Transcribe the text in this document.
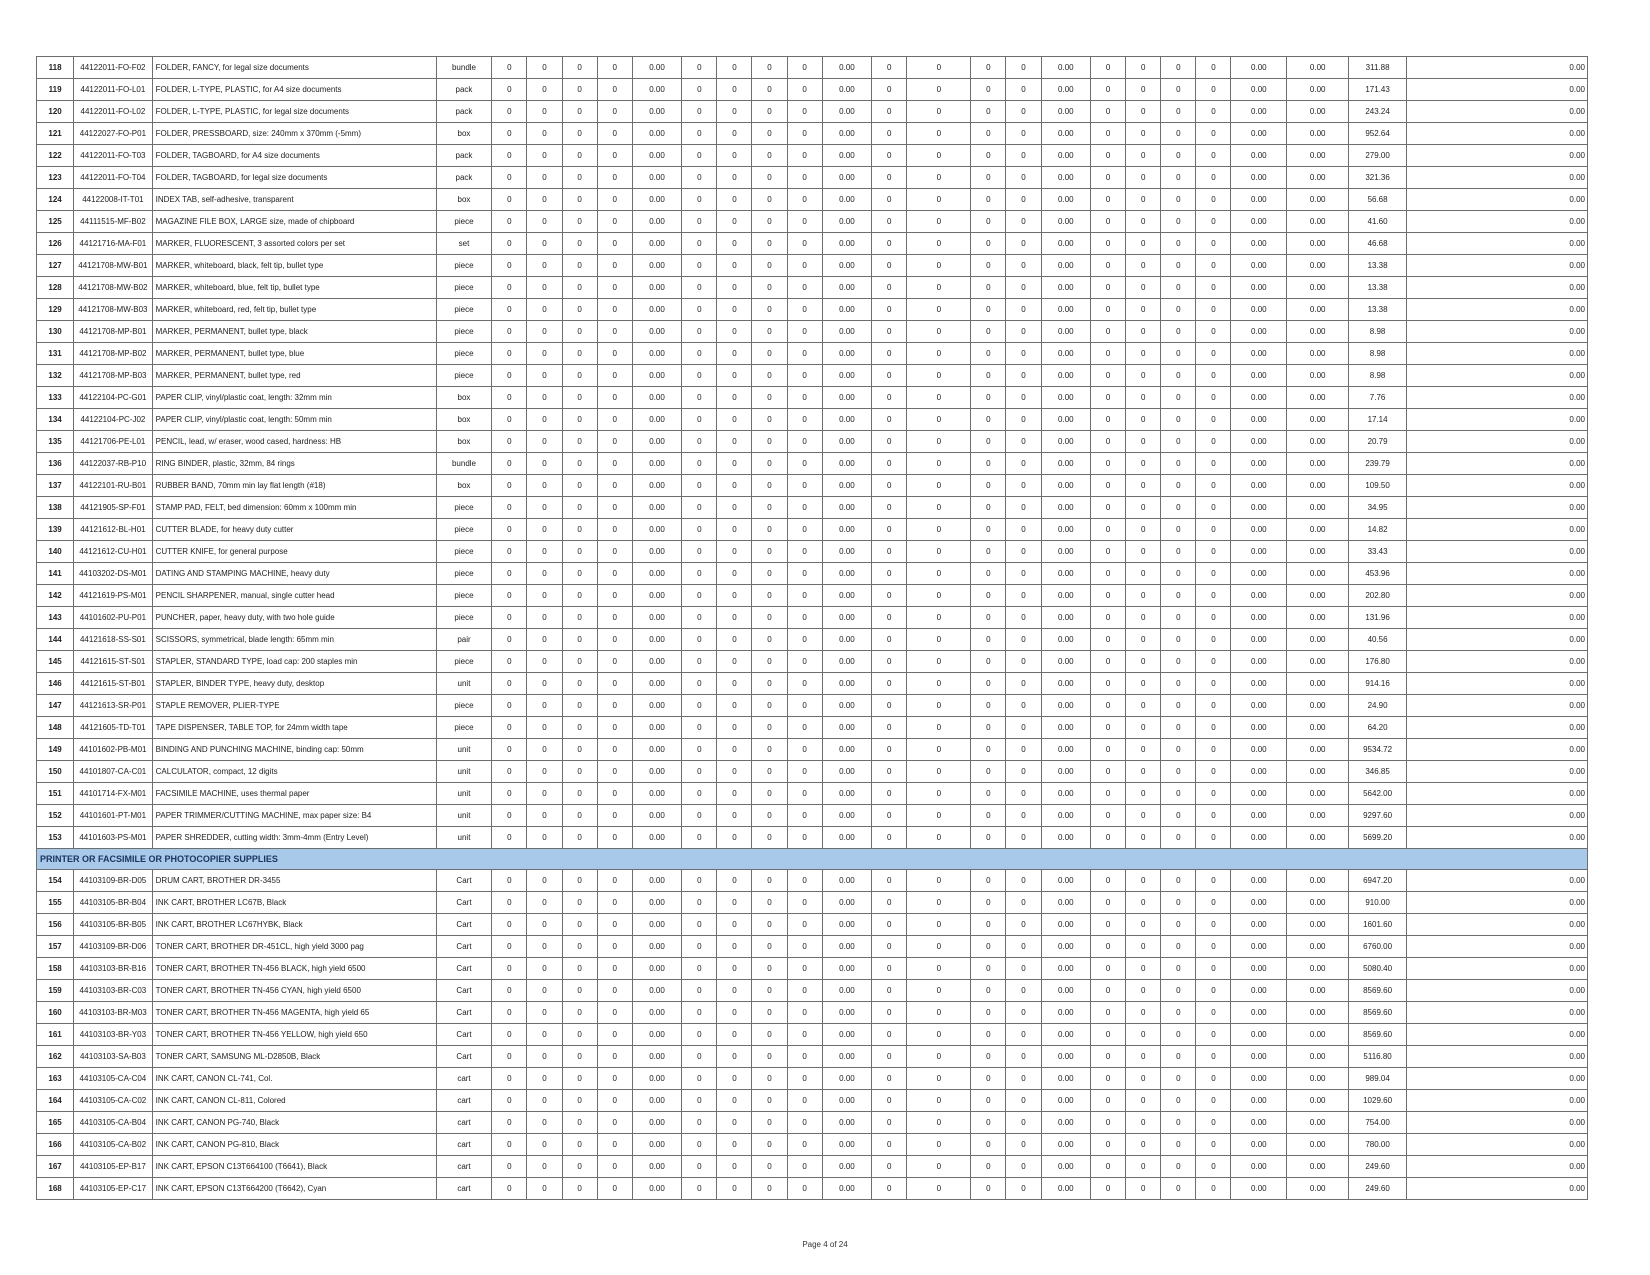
118	44122011-FO-F02	FOLDER, FANCY, for legal size documents	bundle	0	0	0	0	0.00	0	0	0	0	0.00	0	0	0	0	0.00	0	0	0	0	0.00	0.00	311.88	0.00
119	44122011-FO-L01	FOLDER, L-TYPE, PLASTIC, for A4 size documents	pack	0	0	0	0	0.00	0	0	0	0	0.00	0	0	0	0	0.00	0	0	0	0	0.00	0.00	171.43	0.00
120	44122011-FO-L02	FOLDER, L-TYPE, PLASTIC, for legal size documents	pack	0	0	0	0	0.00	0	0	0	0	0.00	0	0	0	0	0.00	0	0	0	0	0.00	0.00	243.24	0.00
121	44122027-FO-P01	FOLDER, PRESSBOARD, size: 240mm x 370mm (-5mm)	box	0	0	0	0	0.00	0	0	0	0	0.00	0	0	0	0	0.00	0	0	0	0	0.00	0.00	952.64	0.00
122	44122011-FO-T03	FOLDER, TAGBOARD, for A4 size documents	pack	0	0	0	0	0.00	0	0	0	0	0.00	0	0	0	0	0.00	0	0	0	0	0.00	0.00	279.00	0.00
123	44122011-FO-T04	FOLDER, TAGBOARD, for legal size documents	pack	0	0	0	0	0.00	0	0	0	0	0.00	0	0	0	0	0.00	0	0	0	0	0.00	0.00	321.36	0.00
124	44122008-IT-T01	INDEX TAB, self-adhesive, transparent	box	0	0	0	0	0.00	0	0	0	0	0.00	0	0	0	0	0.00	0	0	0	0	0.00	0.00	56.68	0.00
125	44111515-MF-B02	MAGAZINE FILE BOX, LARGE size, made of chipboard	piece	0	0	0	0	0.00	0	0	0	0	0.00	0	0	0	0	0.00	0	0	0	0	0.00	0.00	41.60	0.00
126	44121716-MA-F01	MARKER, FLUORESCENT, 3 assorted colors per set	set	0	0	0	0	0.00	0	0	0	0	0.00	0	0	0	0	0.00	0	0	0	0	0.00	0.00	46.68	0.00
127	44121708-MW-B01	MARKER, whiteboard, black, felt tip, bullet type	piece	0	0	0	0	0.00	0	0	0	0	0.00	0	0	0	0	0.00	0	0	0	0	0.00	0.00	13.38	0.00
128	44121708-MW-B02	MARKER, whiteboard, blue, felt tip, bullet type	piece	0	0	0	0	0.00	0	0	0	0	0.00	0	0	0	0	0.00	0	0	0	0	0.00	0.00	13.38	0.00
129	44121708-MW-B03	MARKER, whiteboard, red, felt tip, bullet type	piece	0	0	0	0	0.00	0	0	0	0	0.00	0	0	0	0	0.00	0	0	0	0	0.00	0.00	13.38	0.00
130	44121708-MP-B01	MARKER, PERMANENT, bullet type, black	piece	0	0	0	0	0.00	0	0	0	0	0.00	0	0	0	0	0.00	0	0	0	0	0.00	0.00	8.98	0.00
131	44121708-MP-B02	MARKER, PERMANENT, bullet type, blue	piece	0	0	0	0	0.00	0	0	0	0	0.00	0	0	0	0	0.00	0	0	0	0	0.00	0.00	8.98	0.00
132	44121708-MP-B03	MARKER, PERMANENT, bullet type, red	piece	0	0	0	0	0.00	0	0	0	0	0.00	0	0	0	0	0.00	0	0	0	0	0.00	0.00	8.98	0.00
133	44122104-PC-G01	PAPER CLIP, vinyl/plastic coat, length: 32mm min	box	0	0	0	0	0.00	0	0	0	0	0.00	0	0	0	0	0.00	0	0	0	0	0.00	0.00	7.76	0.00
134	44122104-PC-J02	PAPER CLIP, vinyl/plastic coat, length: 50mm min	box	0	0	0	0	0.00	0	0	0	0	0.00	0	0	0	0	0.00	0	0	0	0	0.00	0.00	17.14	0.00
135	44121706-PE-L01	PENCIL, lead, w/ eraser, wood cased, hardness: HB	box	0	0	0	0	0.00	0	0	0	0	0.00	0	0	0	0	0.00	0	0	0	0	0.00	0.00	20.79	0.00
136	44122037-RB-P10	RING BINDER, plastic, 32mm, 84 rings	bundle	0	0	0	0	0.00	0	0	0	0	0.00	0	0	0	0	0.00	0	0	0	0	0.00	0.00	239.79	0.00
137	44122101-RU-B01	RUBBER BAND, 70mm min lay flat length (#18)	box	0	0	0	0	0.00	0	0	0	0	0.00	0	0	0	0	0.00	0	0	0	0	0.00	0.00	109.50	0.00
138	44121905-SP-F01	STAMP PAD, FELT, bed dimension: 60mm x 100mm min	piece	0	0	0	0	0.00	0	0	0	0	0.00	0	0	0	0	0.00	0	0	0	0	0.00	0.00	34.95	0.00
139	44121612-BL-H01	CUTTER BLADE, for heavy duty cutter	piece	0	0	0	0	0.00	0	0	0	0	0.00	0	0	0	0	0.00	0	0	0	0	0.00	0.00	14.82	0.00
140	44121612-CU-H01	CUTTER KNIFE, for general purpose	piece	0	0	0	0	0.00	0	0	0	0	0.00	0	0	0	0	0.00	0	0	0	0	0.00	0.00	33.43	0.00
141	44103202-DS-M01	DATING AND STAMPING MACHINE, heavy duty	piece	0	0	0	0	0.00	0	0	0	0	0.00	0	0	0	0	0.00	0	0	0	0	0.00	0.00	453.96	0.00
142	44121619-PS-M01	PENCIL SHARPENER, manual, single cutter head	piece	0	0	0	0	0.00	0	0	0	0	0.00	0	0	0	0	0.00	0	0	0	0	0.00	0.00	202.80	0.00
143	44101602-PU-P01	PUNCHER, paper, heavy duty, with two hole guide	piece	0	0	0	0	0.00	0	0	0	0	0.00	0	0	0	0	0.00	0	0	0	0	0.00	0.00	131.96	0.00
144	44121618-SS-S01	SCISSORS, symmetrical, blade length: 65mm min	pair	0	0	0	0	0.00	0	0	0	0	0.00	0	0	0	0	0.00	0	0	0	0	0.00	0.00	40.56	0.00
145	44121615-ST-S01	STAPLER, STANDARD TYPE, load cap: 200 staples min	piece	0	0	0	0	0.00	0	0	0	0	0.00	0	0	0	0	0.00	0	0	0	0	0.00	0.00	176.80	0.00
146	44121615-ST-B01	STAPLER, BINDER TYPE, heavy duty, desktop	unit	0	0	0	0	0.00	0	0	0	0	0.00	0	0	0	0	0.00	0	0	0	0	0.00	0.00	914.16	0.00
147	44121613-SR-P01	STAPLE REMOVER, PLIER-TYPE	piece	0	0	0	0	0.00	0	0	0	0	0.00	0	0	0	0	0.00	0	0	0	0	0.00	0.00	24.90	0.00
148	44121605-TD-T01	TAPE DISPENSER, TABLE TOP, for 24mm width tape	piece	0	0	0	0	0.00	0	0	0	0	0.00	0	0	0	0	0.00	0	0	0	0	0.00	0.00	64.20	0.00
149	44101602-PB-M01	BINDING AND PUNCHING MACHINE, binding cap: 50mm	unit	0	0	0	0	0.00	0	0	0	0	0.00	0	0	0	0	0.00	0	0	0	0	0.00	0.00	9534.72	0.00
150	44101807-CA-C01	CALCULATOR, compact, 12 digits	unit	0	0	0	0	0.00	0	0	0	0	0.00	0	0	0	0	0.00	0	0	0	0	0.00	0.00	346.85	0.00
151	44101714-FX-M01	FACSIMILE MACHINE, uses thermal paper	unit	0	0	0	0	0.00	0	0	0	0	0.00	0	0	0	0	0.00	0	0	0	0	0.00	0.00	5642.00	0.00
152	44101601-PT-M01	PAPER TRIMMER/CUTTING MACHINE, max paper size: B4	unit	0	0	0	0	0.00	0	0	0	0	0.00	0	0	0	0	0.00	0	0	0	0	0.00	0.00	9297.60	0.00
153	44101603-PS-M01	PAPER SHREDDER, cutting width: 3mm-4mm (Entry Level)	unit	0	0	0	0	0.00	0	0	0	0	0.00	0	0	0	0	0.00	0	0	0	0	0.00	0.00	5699.20	0.00
PRINTER OR FACSIMILE OR PHOTOCOPIER SUPPLIES																										
154	44103109-BR-D05	DRUM CART, BROTHER DR-3455	Cart	0	0	0	0	0.00	0	0	0	0	0.00	0	0	0	0	0.00	0	0	0	0	0.00	0.00	6947.20	0.00
155	44103105-BR-B04	INK CART, BROTHER LC67B, Black	Cart	0	0	0	0	0.00	0	0	0	0	0.00	0	0	0	0	0.00	0	0	0	0	0.00	0.00	910.00	0.00
156	44103105-BR-B05	INK CART, BROTHER LC67HYBK, Black	Cart	0	0	0	0	0.00	0	0	0	0	0.00	0	0	0	0	0.00	0	0	0	0	0.00	0.00	1601.60	0.00
157	44103109-BR-D06	TONER CART, BROTHER DR-451CL, high yield 3000 pag	Cart	0	0	0	0	0.00	0	0	0	0	0.00	0	0	0	0	0.00	0	0	0	0	0.00	0.00	6760.00	0.00
158	44103103-BR-B16	TONER CART, BROTHER TN-456 BLACK, high yield 6500	Cart	0	0	0	0	0.00	0	0	0	0	0.00	0	0	0	0	0.00	0	0	0	0	0.00	0.00	5080.40	0.00
159	44103103-BR-C03	TONER CART, BROTHER TN-456 CYAN, high yield 6500	Cart	0	0	0	0	0.00	0	0	0	0	0.00	0	0	0	0	0.00	0	0	0	0	0.00	0.00	8569.60	0.00
160	44103103-BR-M03	TONER CART, BROTHER TN-456 MAGENTA, high yield 65	Cart	0	0	0	0	0.00	0	0	0	0	0.00	0	0	0	0	0.00	0	0	0	0	0.00	0.00	8569.60	0.00
161	44103103-BR-Y03	TONER CART, BROTHER TN-456 YELLOW, high yield 650	Cart	0	0	0	0	0.00	0	0	0	0	0.00	0	0	0	0	0.00	0	0	0	0	0.00	0.00	8569.60	0.00
162	44103103-SA-B03	TONER CART, SAMSUNG ML-D2850B, Black	Cart	0	0	0	0	0.00	0	0	0	0	0.00	0	0	0	0	0.00	0	0	0	0	0.00	0.00	5116.80	0.00
163	44103105-CA-C04	INK CART, CANON CL-741, Col.	cart	0	0	0	0	0.00	0	0	0	0	0.00	0	0	0	0	0.00	0	0	0	0	0.00	0.00	989.04	0.00
164	44103105-CA-C02	INK CART, CANON CL-811, Colored	cart	0	0	0	0	0.00	0	0	0	0	0.00	0	0	0	0	0.00	0	0	0	0	0.00	0.00	1029.60	0.00
165	44103105-CA-B04	INK CART, CANON PG-740, Black	cart	0	0	0	0	0.00	0	0	0	0	0.00	0	0	0	0	0.00	0	0	0	0	0.00	0.00	754.00	0.00
166	44103105-CA-B02	INK CART, CANON PG-810, Black	cart	0	0	0	0	0.00	0	0	0	0	0.00	0	0	0	0	0.00	0	0	0	0	0.00	0.00	780.00	0.00
167	44103105-EP-B17	INK CART, EPSON C13T664100 (T6641), Black	cart	0	0	0	0	0.00	0	0	0	0	0.00	0	0	0	0	0.00	0	0	0	0	0.00	0.00	249.60	0.00
168	44103105-EP-C17	INK CART, EPSON C13T664200 (T6642), Cyan	cart	0	0	0	0	0.00	0	0	0	0	0.00	0	0	0	0	0.00	0	0	0	0	0.00	0.00	249.60	0.00
Page 4 of 24
